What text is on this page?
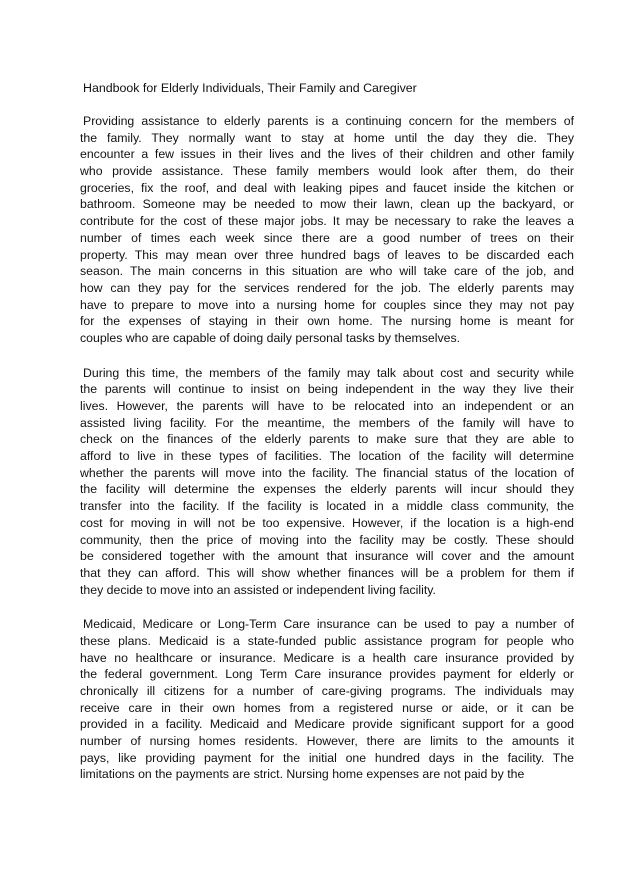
Handbook for Elderly Individuals, Their Family and Caregiver
Providing assistance to elderly parents is a continuing concern for the members of
the family. They normally want to stay at home until the day they die. They
encounter a few issues in their lives and the lives of their children and other family
who provide assistance. These family members would look after them, do their
groceries, fix the roof, and deal with leaking pipes and faucet inside the kitchen or
bathroom. Someone may be needed to mow their lawn, clean up the backyard, or
contribute for the cost of these major jobs. It may be necessary to rake the leaves a
number of times each week since there are a good number of trees on their
property. This may mean over three hundred bags of leaves to be discarded each
season. The main concerns in this situation are who will take care of the job, and
how can they pay for the services rendered for the job. The elderly parents may
have to prepare to move into a nursing home for couples since they may not pay
for the expenses of staying in their own home. The nursing home is meant for
couples who are capable of doing daily personal tasks by themselves.
During this time, the members of the family may talk about cost and security while
the parents will continue to insist on being independent in the way they live their
lives. However, the parents will have to be relocated into an independent or an
assisted living facility. For the meantime, the members of the family will have to
check on the finances of the elderly parents to make sure that they are able to
afford to live in these types of facilities. The location of the facility will determine
whether the parents will move into the facility. The financial status of the location of
the facility will determine the expenses the elderly parents will incur should they
transfer into the facility. If the facility is located in a middle class community, the
cost for moving in will not be too expensive. However, if the location is a high-end
community, then the price of moving into the facility may be costly. These should
be considered together with the amount that insurance will cover and the amount
that they can afford. This will show whether finances will be a problem for them if
they decide to move into an assisted or independent living facility.
Medicaid, Medicare or Long-Term Care insurance can be used to pay a number of
these plans. Medicaid is a state-funded public assistance program for people who
have no healthcare or insurance. Medicare is a health care insurance provided by
the federal government. Long Term Care insurance provides payment for elderly or
chronically ill citizens for a number of care-giving programs. The individuals may
receive care in their own homes from a registered nurse or aide, or it can be
provided in a facility. Medicaid and Medicare provide significant support for a good
number of nursing homes residents. However, there are limits to the amounts it
pays, like providing payment for the initial one hundred days in the facility. The
limitations on the payments are strict. Nursing home expenses are not paid by the
